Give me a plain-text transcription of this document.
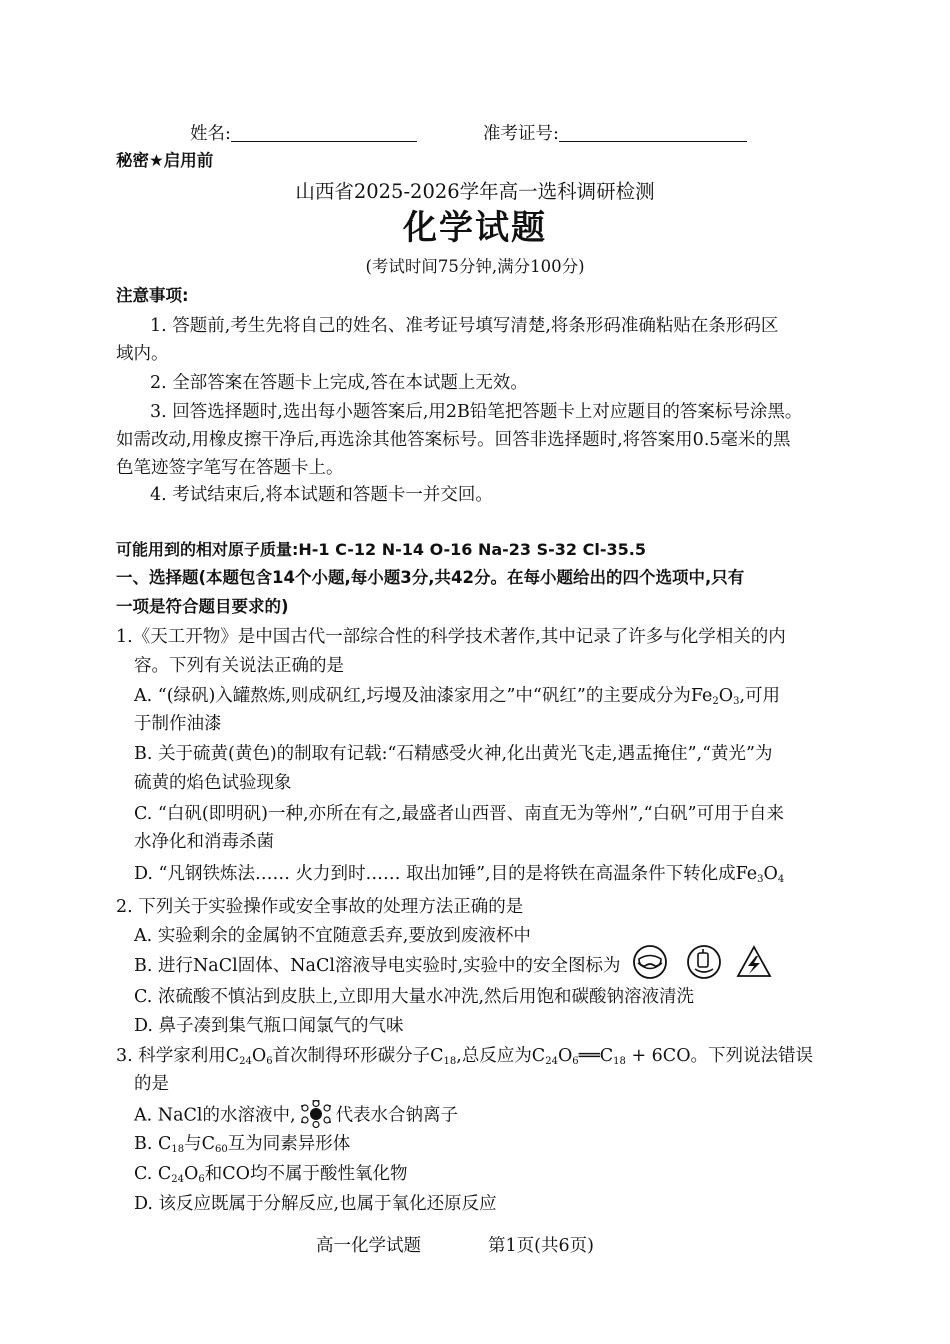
姓名:	准考证号:
秘密★启用前
山西省2025-2026学年高一选科调研检测
化学试题
(考试时间75分钟,满分100分)
注意事项:
1. 答题前,考生先将自己的姓名、准考证号填写清楚,将条形码准确粘贴在条形码区
域内。
2. 全部答案在答题卡上完成,答在本试题上无效。
3. 回答选择题时,选出每小题答案后,用2B铅笔把答题卡上对应题目的答案标号涂黑。
如需改动,用橡皮擦干净后,再选涂其他答案标号。回答非选择题时,将答案用0.5毫米的黑
色笔迹签字笔写在答题卡上。
4. 考试结束后,将本试题和答题卡一并交回。
可能用到的相对原子质量:H-1 C-12 N-14 O-16 Na-23 S-32 Cl-35.5
一、选择题(本题包含14个小题,每小题3分,共42分。在每小题给出的四个选项中,只有
一项是符合题目要求的)
1.《天工开物》是中国古代一部综合性的科学技术著作,其中记录了许多与化学相关的内
容。下列有关说法正确的是
A. “(绿矾)入罐熬炼,则成矾红,圬墁及油漆家用之”中“矾红”的主要成分为$Fe_2O_3$,可用
于制作油漆
B. 关于硫黄(黄色)的制取有记载:“石精感受火神,化出黄光飞走,遇盂掩住”,“黄光”为
硫黄的焰色试验现象
C. “白矾(即明矾)一种,亦所在有之,最盛者山西晋、南直无为等州”,“白矾”可用于自来
水净化和消毒杀菌
D. “凡钢铁炼法…… 火力到时…… 取出加锤”,目的是将铁在高温条件下转化成$Fe_3O_4$
2. 下列关于实验操作或安全事故的处理方法正确的是
A. 实验剩余的金属钠不宜随意丢弃,要放到废液杯中
B. 进行NaCl固体、NaCl溶液导电实验时,实验中的安全图标为
C. 浓硫酸不慎沾到皮肤上,立即用大量水冲洗,然后用饱和碳酸钠溶液清洗
D. 鼻子凑到集气瓶口闻氯气的气味
3. 科学家利用$C_{24}O_6$首次制得环形碳分子$C_{18}$,总反应为$C_{24}O_6══C_{18} + 6CO$。下列说法错误
的是
A. NaCl的水溶液中, 代表水合钠离子
B. $C_{18}$与$C_{60}$互为同素异形体
C. $C_{24}O_6$和CO均不属于酸性氧化物
D. 该反应既属于分解反应,也属于氧化还原反应
高一化学试题	第1页(共6页)
